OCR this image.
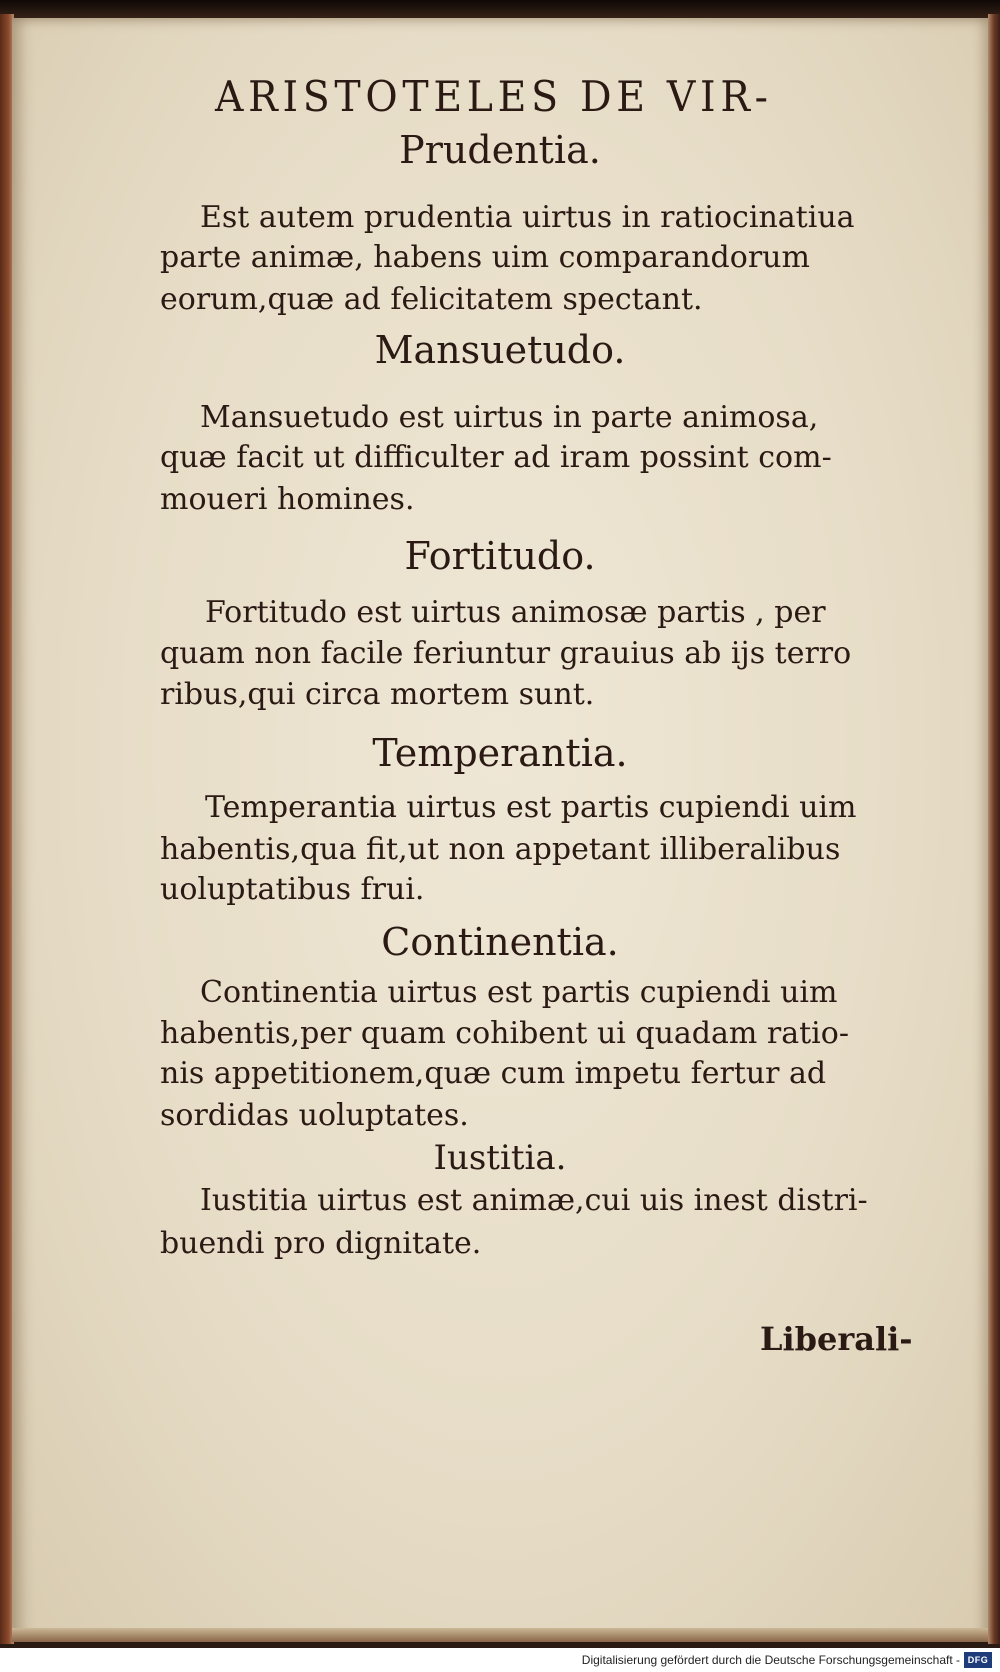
ARISTOTELES DE VIR-
Prudentia.
Est autem prudentia uirtus in ratiocinatiua
parte animæ, habens uim comparandorum
eorum,quæ ad felicitatem spectant.
Mansuetudo.
Mansuetudo est uirtus in parte animosa,
quæ facit ut difficulter ad iram possint com-
moueri homines.
Fortitudo.
Fortitudo est uirtus animosæ partis , per
quam non facile feriuntur grauius ab ijs terro
ribus,qui circa mortem sunt.
Temperantia.
Temperantia uirtus est partis cupiendi uim
habentis,qua fit,ut non appetant illiberalibus
uoluptatibus frui.
Continentia.
Continentia uirtus est partis cupiendi uim
habentis,per quam cohibent ui quadam ratio-
nis appetitionem,quæ cum impetu fertur ad
sordidas uoluptates.
Iustitia.
Iustitia uirtus est animæ,cui uis inest distri-
buendi pro dignitate.
Liberali-
Digitalisierung gefördert durch die Deutsche Forschungsgemeinschaft - DFG
